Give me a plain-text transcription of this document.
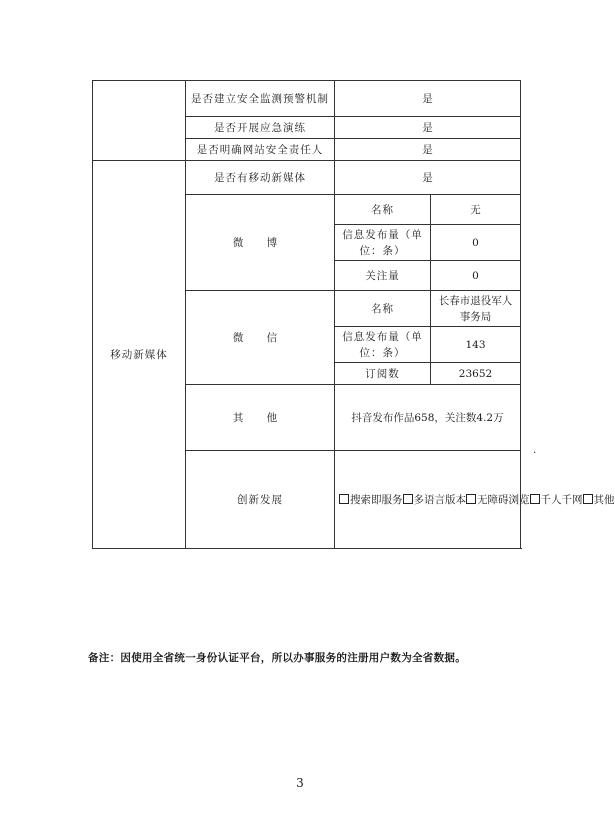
	是否建立安全监测预警机制	是	
	是否开展应急演练	是	
	是否明确网站安全责任人	是	
移动新媒体	是否有移动新媒体	是	
	微 博	名称	无
		信息发布量（单位：条）	0
		关注量	0
	微 信	名称	长春市退役军人事务局
		信息发布量（单位：条）	143
		订阅数	23652
	其 他	抖音发布作品658，关注数4.2万	
	创新发展	搜索即服务 多语言版本 无障碍浏览 千人千网 其他	
.
备注：因使用全省统一身份认证平台，所以办事服务的注册用户数为全省数据。
3
